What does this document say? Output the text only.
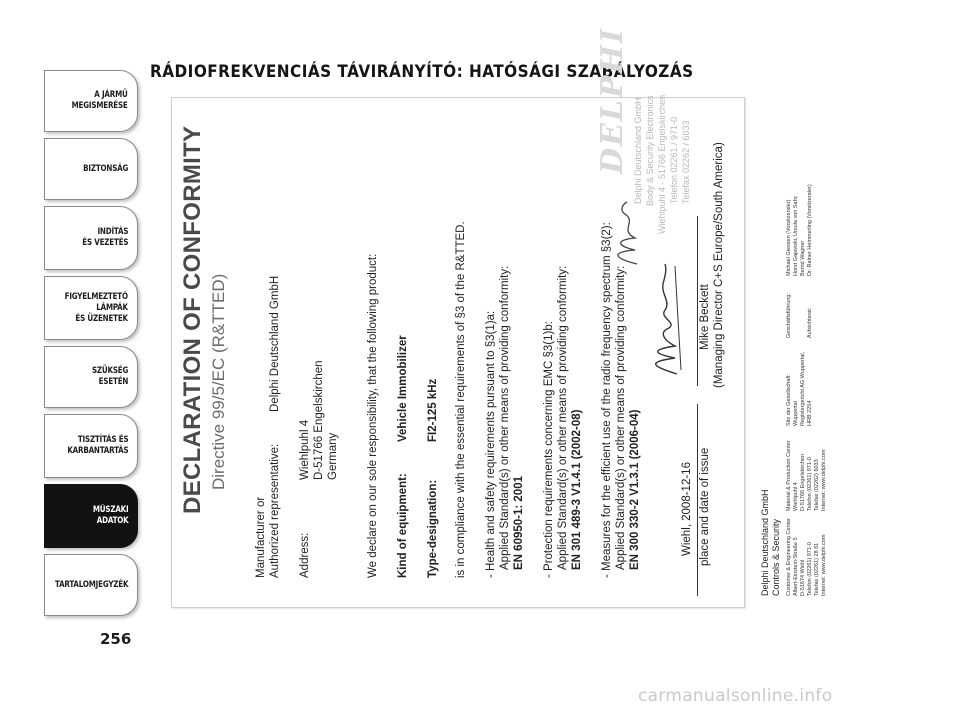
A JÁRMŰ
MEGISMERÉSE
BIZTONSÁG
INDÍTÁS
ÉS VEZETÉS
FIGYELMEZTETŐ
LÁMPÁK
ÉS ÜZENETEK
SZÜKSÉG
ESETÉN
TISZTÍTÁS ÉS
KARBANTARTÁS
MŰSZAKI
ADATOK
TARTALOMJEGYZÉK
256
RÁDIOFREKVENCIÁS TÁVIRÁNYÍTÓ: HATÓSÁGI SZABÁLYOZÁS
DECLARATION OF CONFORMITY Directive 99/5/EC (R&TTED)
Manufacturer or Authorized representative:
Delphi Deutschland GmbH
Address:
Wiehlpuhl 4 D-51766 Engelskirchen Germany We declare on our sole responsibility, that the following product: Kind of equipment:
Vehicle Immobilizer
Type-designation:
FI2-125 kHz is in compliance with the essential requirements of §3 of the R&TTED. - Health and safety requirements pursuant to §3(1)a: Applied Standard(s) or other means of providing conformity: EN 60950-1: 2001 - Protection requirements concerning EMC §3(1)b: Applied Standard(s) or other means of providing conformity: EN 301 489-3 V1.4.1 (2002-08) - Measures for the efficient use of the radio frequency spectrum §3(2): Applied Standard(s) or other means of providing conformity: EN 300 330-2 V1.3.1 (2006-04)	Wiehl, 2008-12-16 place and date of issue
Mike Beckett (Managing Director C+S Europe/South America)
DELPHI Delphi Deutschland GmbH Body & Security Electronics Wiehlpuhl 4 - 51766 Engelskirchen Telefon 02261 / 971-0 Telefax 02262 / 6033
Delphi Deutschland GmbH Controls & Security Customer & Engineering Center
Albert-Einstein-Straße 5
D-51674 Wiehl
Telefon (02261) 971-0
Telefax (02261) 28 81
Internet: www.delphi.com
Material & Production Center
Wiehlpuhl 4
D-51766 Engelskirchen
Telefon (02261) 971-0
Telefax (02262) 6033
Internet: www.delphi.com
Sitz der Gesellschaft:
Wuppertal
Registergericht AG Wuppertal,
HRB 2254
Geschäftsführung:

Aufsichtsrat:
Michael Giessen (Vorsitzender)
Horst Gajewski, Ursula von Sahr,
Bernd Wagner
Dr. Rainer Hemmerling (Vorsitzender)
carmanualsonline.info
